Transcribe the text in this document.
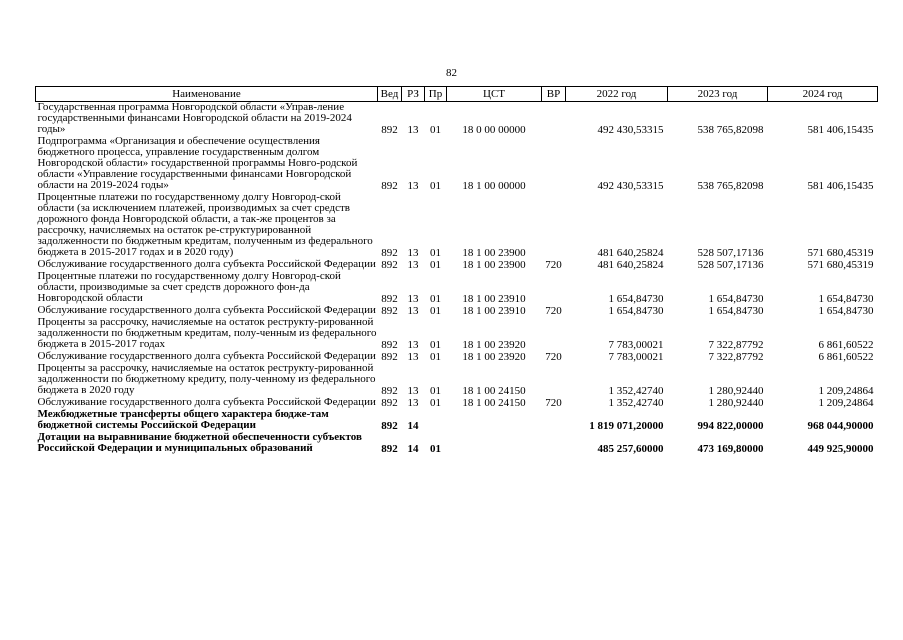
82
Наименование	Вед	РЗ	Пр	ЦСТ	ВР	2022 год	2023 год	2024 год
Государственная программа Новгородской области «Управ-ление государственными финансами Новгородской области на 2019-2024 годы»	892	13	01	18 0 00 00000		492 430,53315	538 765,82098	581 406,15435
Подпрограмма «Организация и обеспечение осуществления бюджетного процесса, управление государственным долгом Новгородской области» государственной программы Новго-родской области «Управление государственными финансами Новгородской области на 2019-2024 годы»	892	13	01	18 1 00 00000		492 430,53315	538 765,82098	581 406,15435
Процентные платежи по государственному долгу Новгород-ской области (за исключением платежей, производимых за счет средств дорожного фонда Новгородской области, а так-же процентов за рассрочку, начисляемых на остаток ре-структурированной задолженности по бюджетным кредитам, полученным из федерального бюджета в 2015-2017 годах и в 2020 году)	892	13	01	18 1 00 23900		481 640,25824	528 507,17136	571 680,45319
Обслуживание государственного долга субъекта Российской Федерации	892	13	01	18 1 00 23900	720	481 640,25824	528 507,17136	571 680,45319
Процентные платежи по государственному долгу Новгород-ской области, производимые за счет средств дорожного фон-да Новгородской области	892	13	01	18 1 00 23910		1 654,84730	1 654,84730	1 654,84730
Обслуживание государственного долга субъекта Российской Федерации	892	13	01	18 1 00 23910	720	1 654,84730	1 654,84730	1 654,84730
Проценты за рассрочку, начисляемые на остаток реструкту-рированной задолженности по бюджетным кредитам, полу-ченным из федерального бюджета в 2015-2017 годах	892	13	01	18 1 00 23920		7 783,00021	7 322,87792	6 861,60522
Обслуживание государственного долга субъекта Российской Федерации	892	13	01	18 1 00 23920	720	7 783,00021	7 322,87792	6 861,60522
Проценты за рассрочку, начисляемые на остаток реструкту-рированной задолженности по бюджетному кредиту, полу-ченному из федерального бюджета в 2020 году	892	13	01	18 1 00 24150		1 352,42740	1 280,92440	1 209,24864
Обслуживание государственного долга субъекта Российской Федерации	892	13	01	18 1 00 24150	720	1 352,42740	1 280,92440	1 209,24864
Межбюджетные трансферты общего характера бюдже-там бюджетной системы Российской Федерации	892	14				1 819 071,20000	994 822,00000	968 044,90000
Дотации на выравнивание бюджетной обеспеченности субъектов Российской Федерации и муниципальных образований	892	14	01			485 257,60000	473 169,80000	449 925,90000
